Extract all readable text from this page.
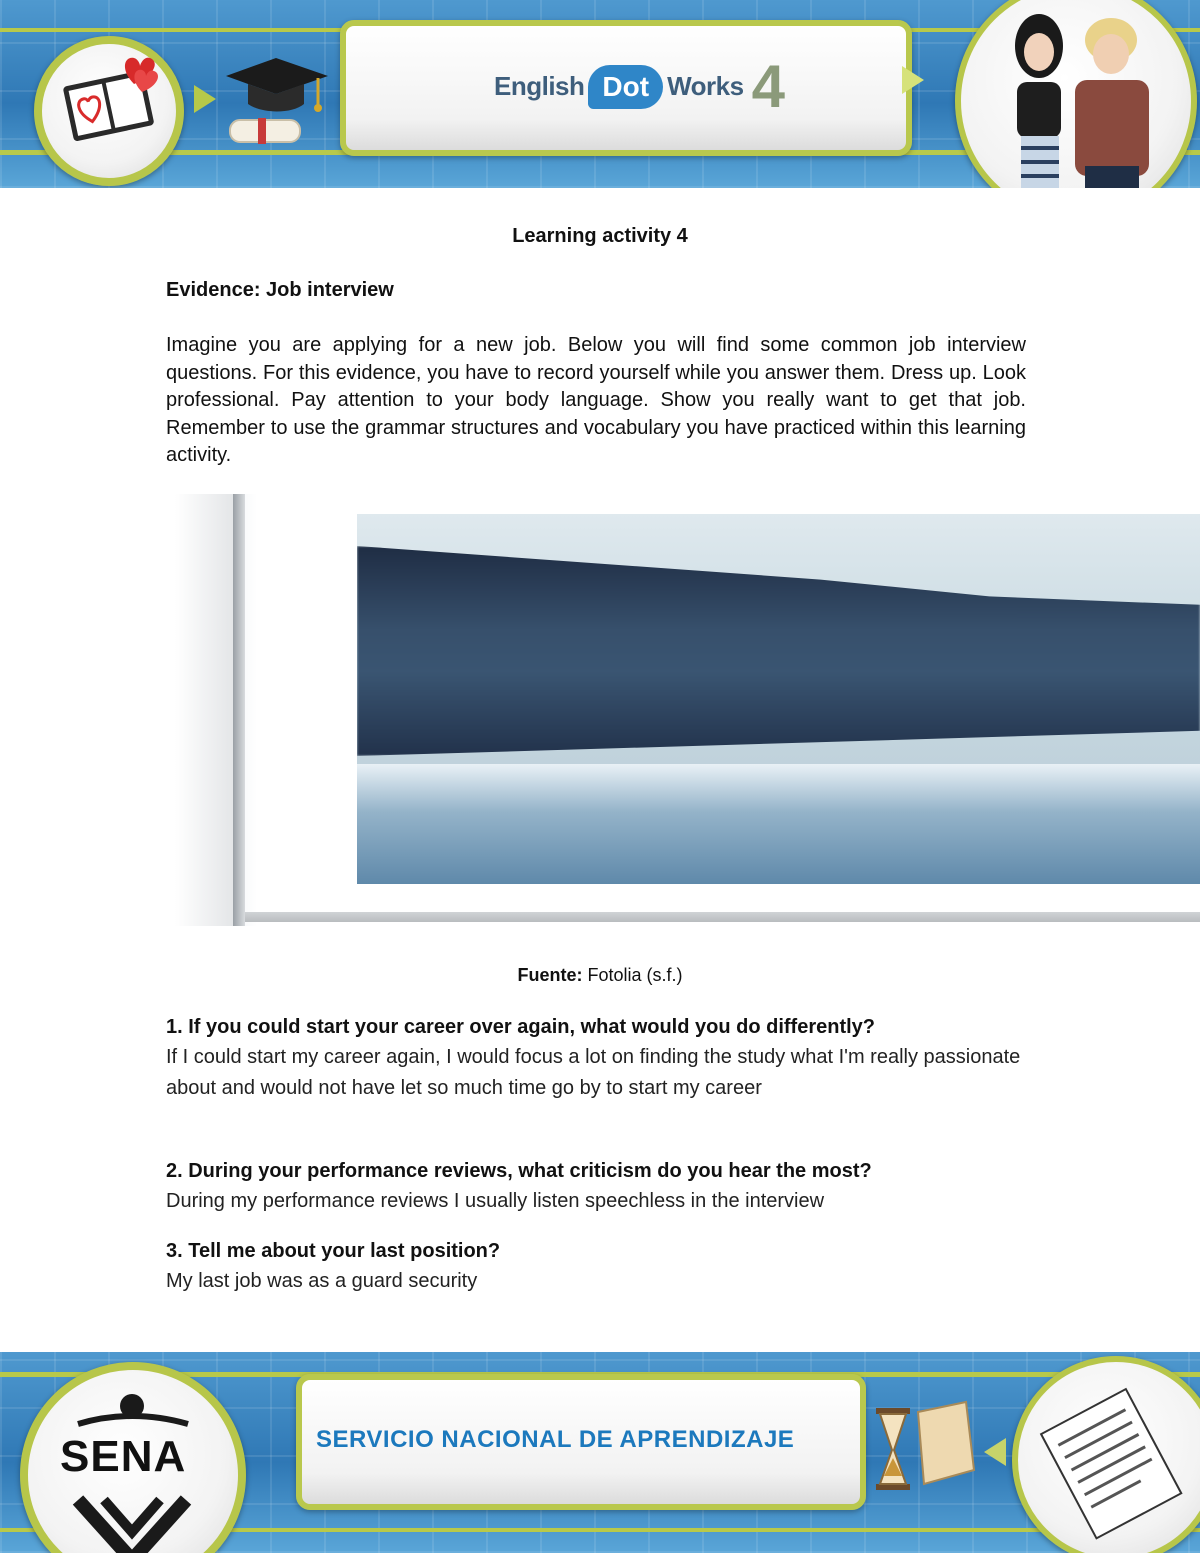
English Dot Works 4
Learning activity 4
Evidence: Job interview
Imagine you are applying for a new job. Below you will find some common job interview questions. For this evidence, you have to record yourself while you answer them. Dress up. Look professional. Pay attention to your body language. Show you really want to get that job. Remember to use the grammar structures and vocabulary you have practiced within this learning activity.
Fuente: Fotolia (s.f.)
1. If you could start your career over again, what would you do differently?
If I could start my career again, I would focus a lot on finding the study what I'm really passionate about and would not have let so much time go by to start my career
2. During your performance reviews, what criticism do you hear the most?
During my performance reviews I usually listen speechless in the interview
3. Tell me about your last position?
My last job was as a guard security
SENA	SERVICIO NACIONAL DE APRENDIZAJE
